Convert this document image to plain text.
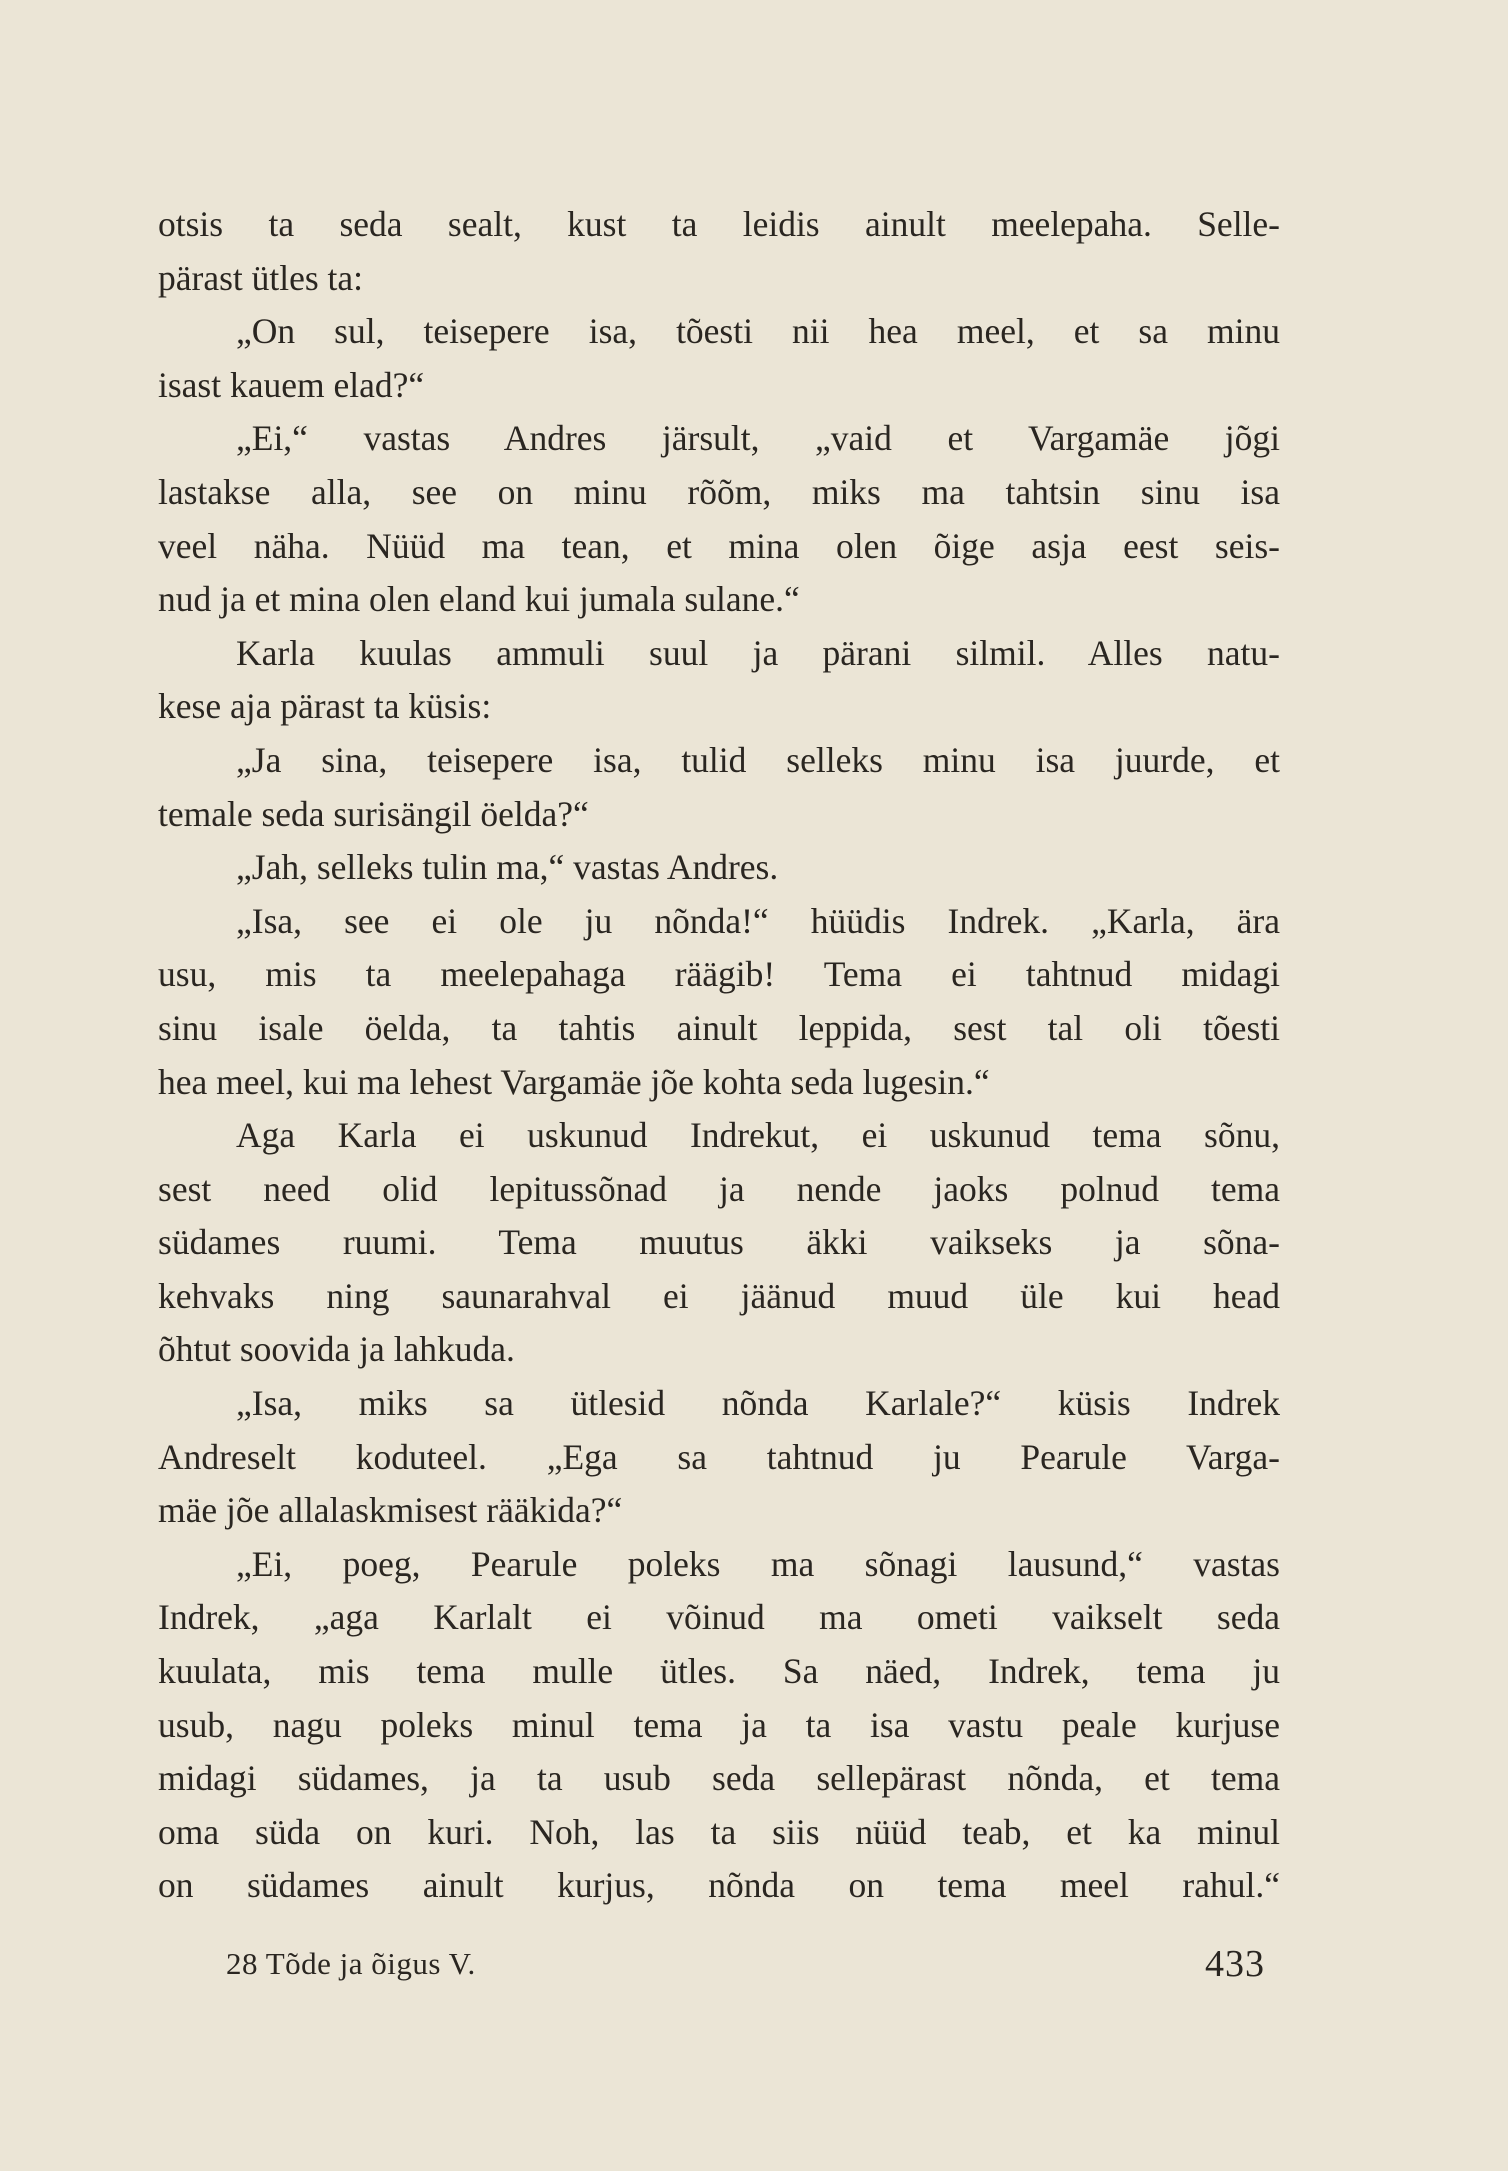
otsis ta seda sealt, kust ta leidis ainult meelepaha. Selle-
pärast ütles ta:
„On sul, teisepere isa, tõesti nii hea meel, et sa minu
isast kauem elad?“
„Ei,“ vastas Andres järsult, „vaid et Vargamäe jõgi
lastakse alla, see on minu rõõm, miks ma tahtsin sinu isa
veel näha. Nüüd ma tean, et mina olen õige asja eest seis-
nud ja et mina olen eland kui jumala sulane.“
Karla kuulas ammuli suul ja pärani silmil. Alles natu-
kese aja pärast ta küsis:
„Ja sina, teisepere isa, tulid selleks minu isa juurde, et
temale seda surisängil öelda?“
„Jah, selleks tulin ma,“ vastas Andres.
„Isa, see ei ole ju nõnda!“ hüüdis Indrek. „Karla, ära
usu, mis ta meelepahaga räägib! Tema ei tahtnud midagi
sinu isale öelda, ta tahtis ainult leppida, sest tal oli tõesti
hea meel, kui ma lehest Vargamäe jõe kohta seda lugesin.“
Aga Karla ei uskunud Indrekut, ei uskunud tema sõnu,
sest need olid lepitussõnad ja nende jaoks polnud tema
südames ruumi. Tema muutus äkki vaikseks ja sõna-
kehvaks ning saunarahval ei jäänud muud üle kui head
õhtut soovida ja lahkuda.
„Isa, miks sa ütlesid nõnda Karlale?“ küsis Indrek
Andreselt koduteel. „Ega sa tahtnud ju Pearule Varga-
mäe jõe allalaskmisest rääkida?“
„Ei, poeg, Pearule poleks ma sõnagi lausund,“ vastas
Indrek, „aga Karlalt ei võinud ma ometi vaikselt seda
kuulata, mis tema mulle ütles. Sa näed, Indrek, tema ju
usub, nagu poleks minul tema ja ta isa vastu peale kurjuse
midagi südames, ja ta usub seda sellepärast nõnda, et tema
oma süda on kuri. Noh, las ta siis nüüd teab, et ka minul
on südames ainult kurjus, nõnda on tema meel rahul.“
28 Tõde ja õigus V.	433
